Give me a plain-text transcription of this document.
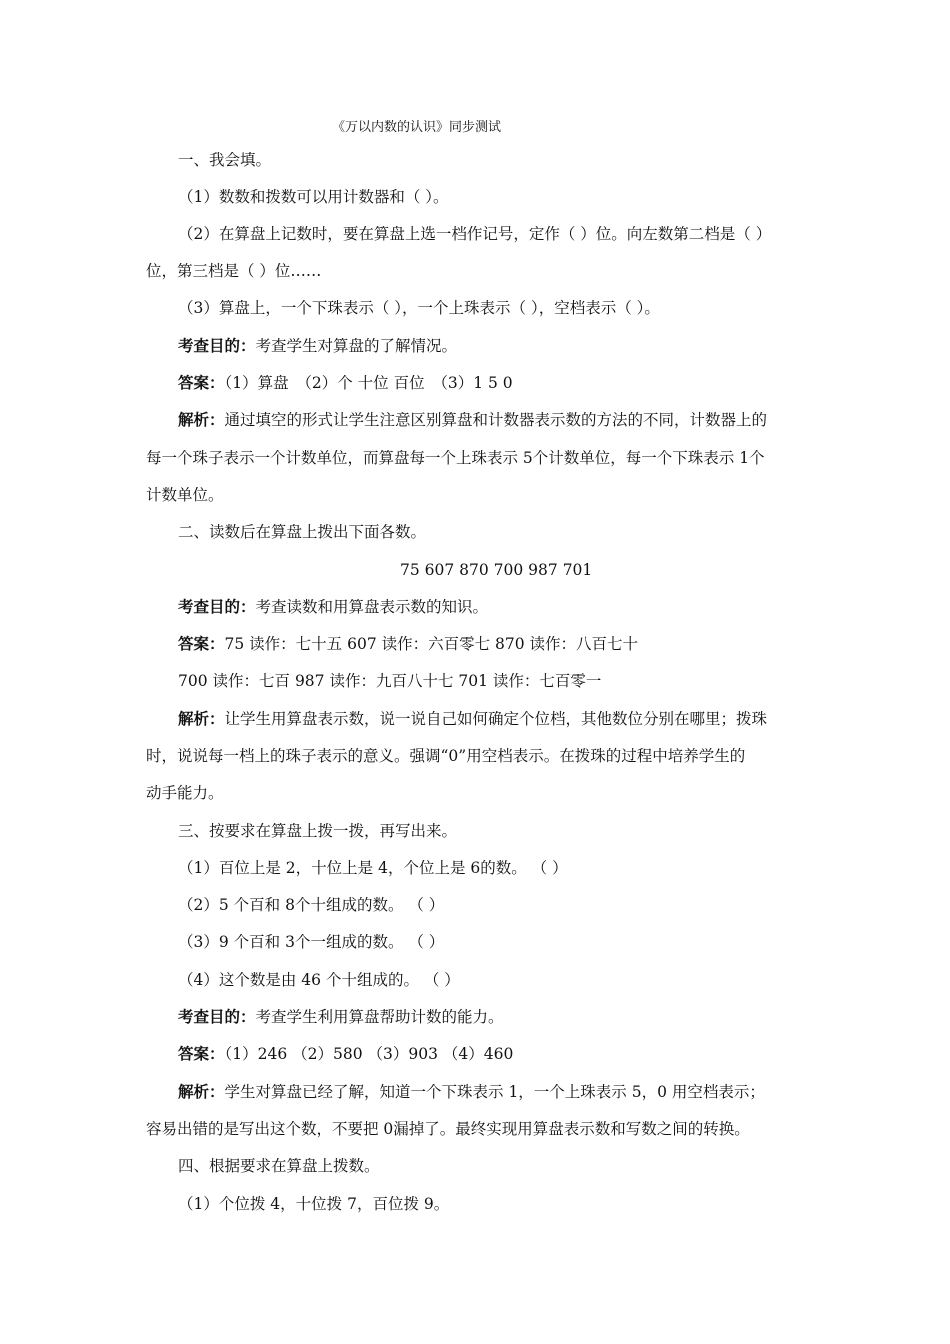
《万以内数的认识》同步测试
一、我会填。
（1）数数和拨数可以用计数器和（ ）。
（2）在算盘上记数时，要在算盘上选一档作记号，定作（ ）位。向左数第二档是（ ）
位，第三档是（ ）位……
（3）算盘上，一个下珠表示（ ），一个上珠表示（ ），空档表示（ ）。
考查目的：考查学生对算盘的了解情况。
答案：（1）算盘　（2）个 十位 百位　（3）1 5 0
解析：通过填空的形式让学生注意区别算盘和计数器表示数的方法的不同，计数器上的
每一个珠子表示一个计数单位，而算盘每一个上珠表示 5个计数单位，每一个下珠表示 1个
计数单位。
二、读数后在算盘上拨出下面各数。
75 607 870 700 987 701
考查目的：考查读数和用算盘表示数的知识。
答案：75 读作：七十五 607 读作：六百零七 870 读作：八百七十
700 读作：七百 987 读作：九百八十七 701 读作：七百零一
解析：让学生用算盘表示数，说一说自己如何确定个位档，其他数位分别在哪里；拨珠
时，说说每一档上的珠子表示的意义。强调“0”用空档表示。在拨珠的过程中培养学生的
动手能力。
三、按要求在算盘上拨一拨，再写出来。
（1）百位上是 2，十位上是 4，个位上是 6的数。 （ ）
（2）5 个百和 8个十组成的数。 （ ）
（3）9 个百和 3个一组成的数。 （ ）
（4）这个数是由 46 个十组成的。 （ ）
考查目的：考查学生利用算盘帮助计数的能力。
答案：（1）246 （2）580 （3）903 （4）460
解析：学生对算盘已经了解，知道一个下珠表示 1，一个上珠表示 5，0 用空档表示；
容易出错的是写出这个数，不要把 0漏掉了。最终实现用算盘表示数和写数之间的转换。
四、根据要求在算盘上拨数。
（1）个位拨 4，十位拨 7，百位拨 9。
